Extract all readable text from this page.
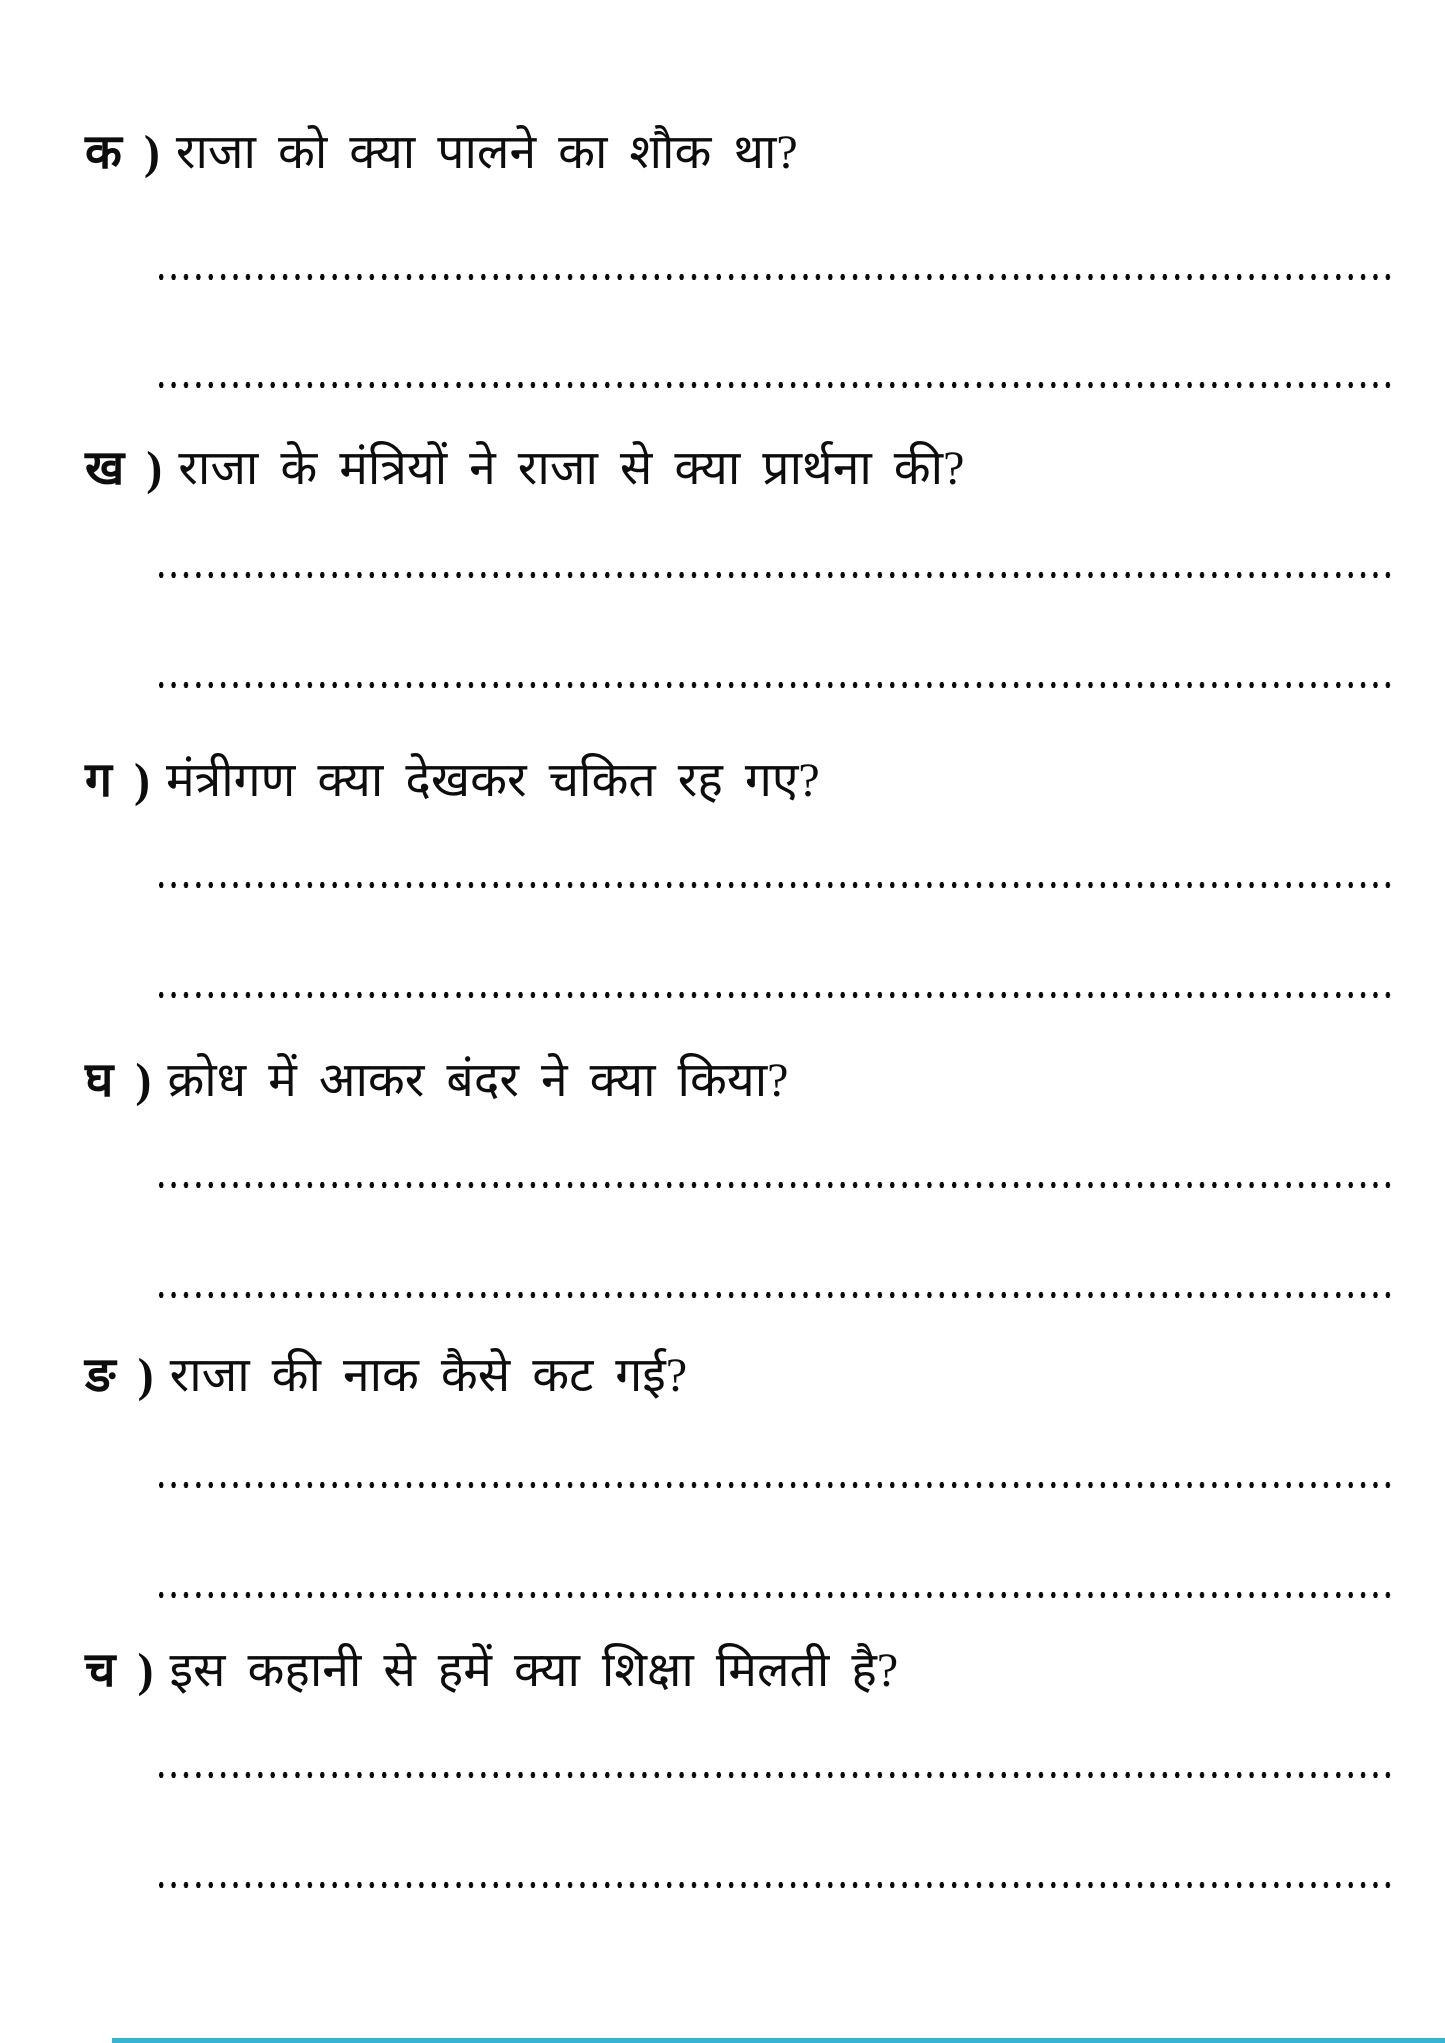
क ) राजा को क्या पालने का शौक था?
ख ) राजा के मंत्रियों ने राजा से क्या प्रार्थना की?
ग ) मंत्रीगण क्या देखकर चकित रह गए?
घ ) क्रोध में आकर बंदर ने क्या किया?
ङ ) राजा की नाक कैसे कट गई?
च ) इस कहानी से हमें क्या शिक्षा मिलती है?
